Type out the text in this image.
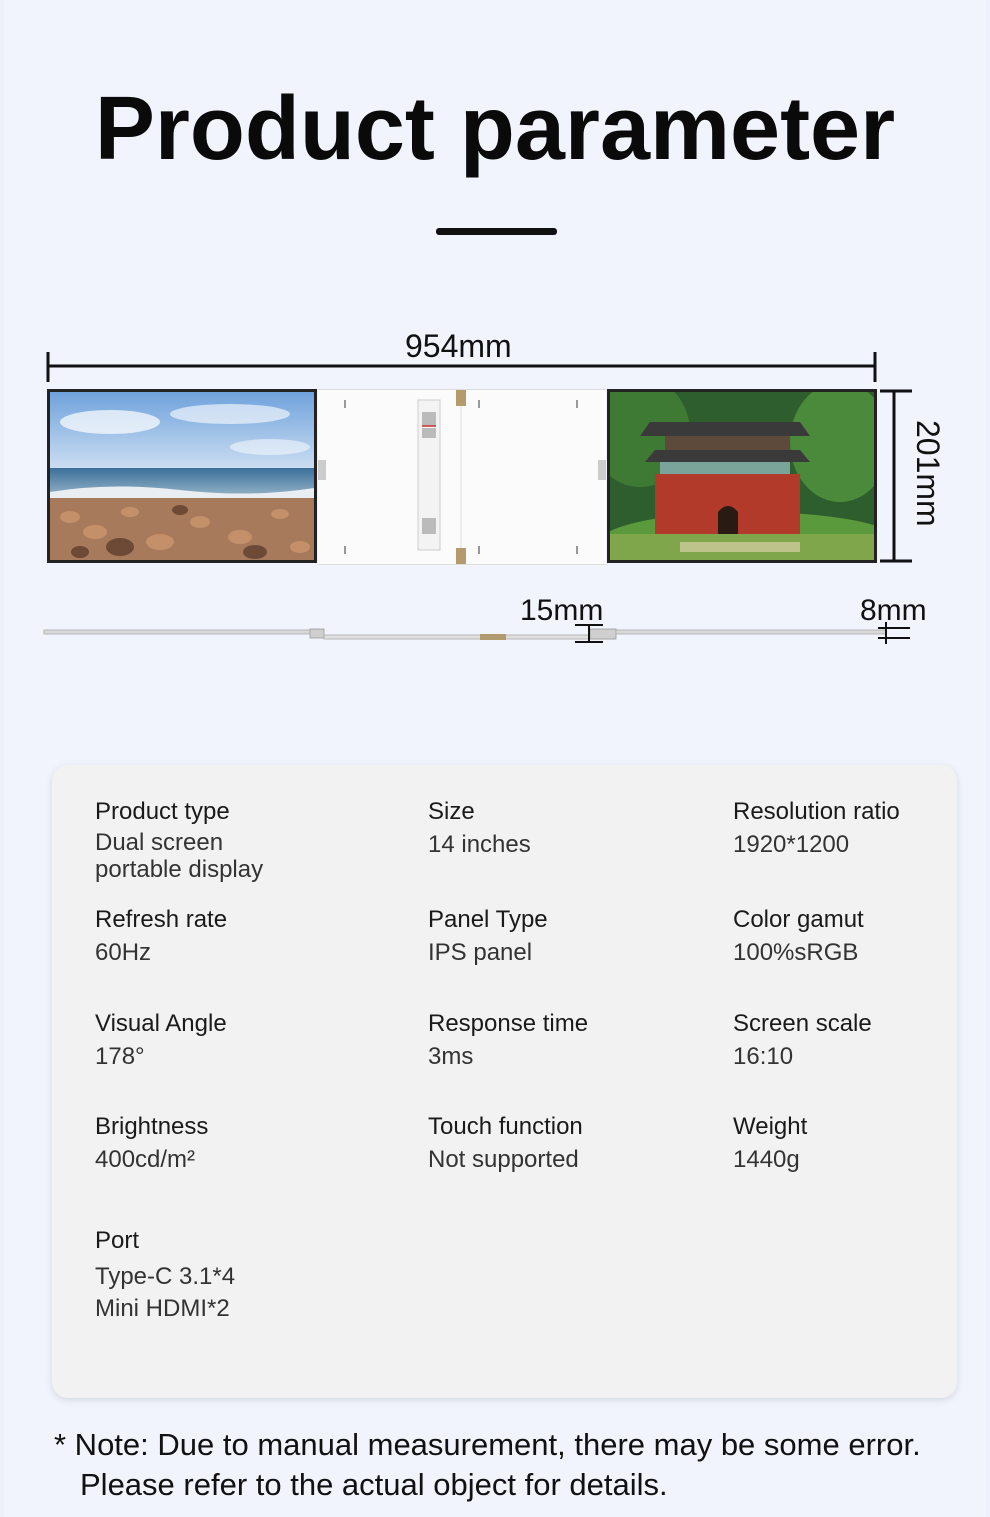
Product parameter
954mm
201mm
15mm	8mm
Product type
Dual screen
portable display
Size
14 inches
Resolution ratio
1920*1200
Refresh rate
60Hz
Panel Type
IPS panel
Color gamut
100%sRGB
Visual Angle
178°
Response time
3ms
Screen scale
16:10
Brightness
400cd/m²
Touch function
Not supported
Weight
1440g
Port
Type-C 3.1*4
Mini HDMI*2
* Note: Due to manual measurement, there may be some error.
Please refer to the actual object for details.
